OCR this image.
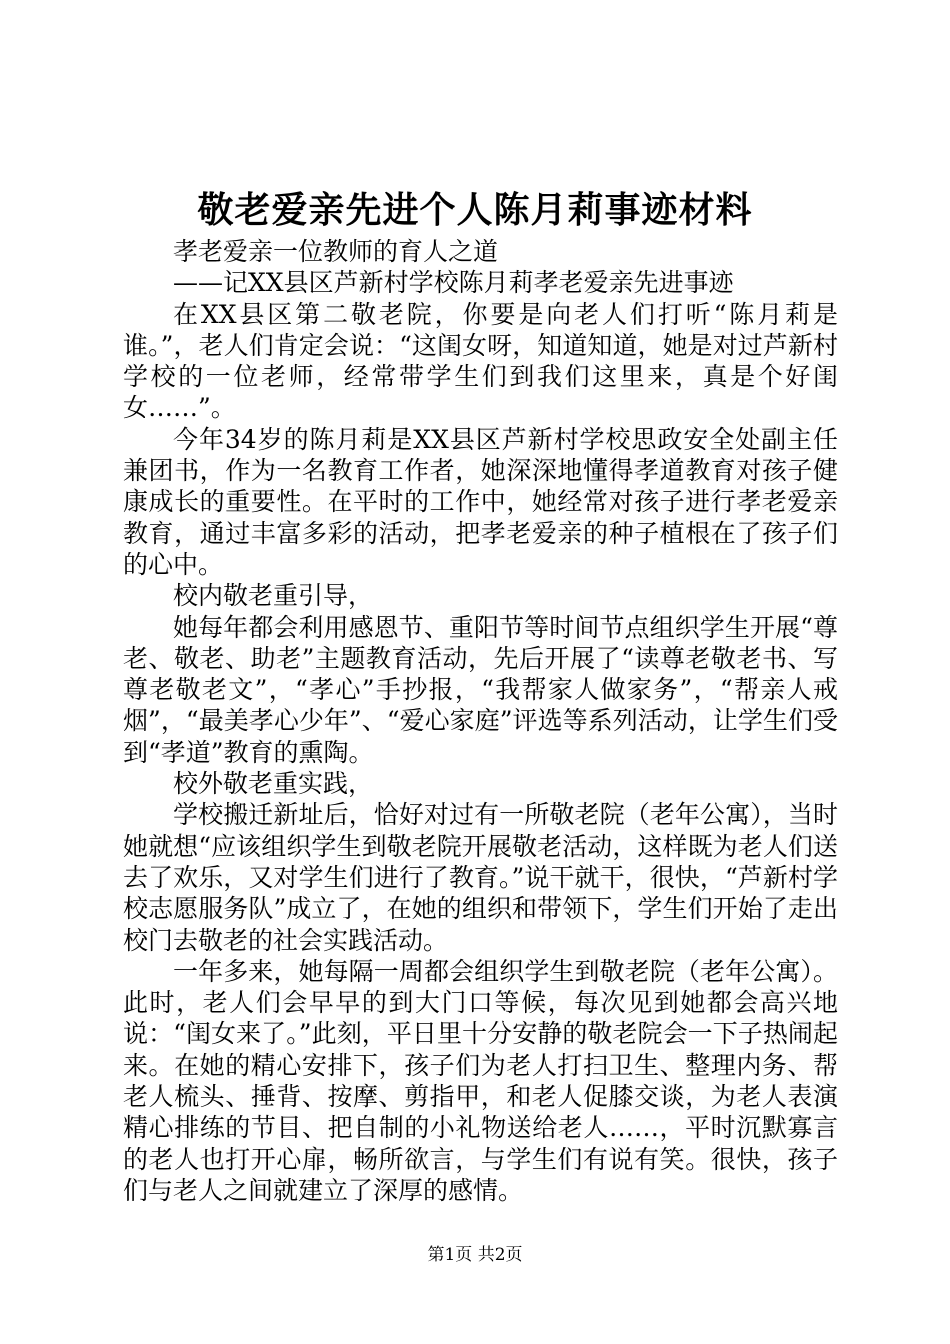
敬老爱亲先进个人陈月莉事迹材料

孝老爱亲一位教师的育人之道

——记XX县区芦新村学校陈月莉孝老爱亲先进事迹

在XX县区第二敬老院，你要是向老人们打听“陈月莉是谁。”，老人们肯定会说：“这闺女呀，知道知道，她是对过芦新村学校的一位老师，经常带学生们到我们这里来，真是个好闺女……”。

今年34岁的陈月莉是XX县区芦新村学校思政安全处副主任兼团书，作为一名教育工作者，她深深地懂得孝道教育对孩子健康成长的重要性。在平时的工作中，她经常对孩子进行孝老爱亲教育，通过丰富多彩的活动，把孝老爱亲的种子植根在了孩子们的心中。

校内敬老重引导，

她每年都会利用感恩节、重阳节等时间节点组织学生开展“尊老、敬老、助老”主题教育活动，先后开展了“读尊老敬老书、写尊老敬老文”，“孝心”手抄报，“我帮家人做家务”，“帮亲人戒烟”，“最美孝心少年”、“爱心家庭”评选等系列活动，让学生们受到“孝道”教育的熏陶。

校外敬老重实践，

学校搬迁新址后，恰好对过有一所敬老院（老年公寓），当时她就想“应该组织学生到敬老院开展敬老活动，这样既为老人们送去了欢乐，又对学生们进行了教育。”说干就干，很快，“芦新村学校志愿服务队”成立了，在她的组织和带领下，学生们开始了走出校门去敬老的社会实践活动。

一年多来，她每隔一周都会组织学生到敬老院（老年公寓）。此时，老人们会早早的到大门口等候，每次见到她都会高兴地说：“闺女来了。”此刻，平日里十分安静的敬老院会一下子热闹起来。在她的精心安排下，孩子们为老人打扫卫生、整理内务、帮老人梳头、捶背、按摩、剪指甲，和老人促膝交谈，为老人表演精心排练的节目、把自制的小礼物送给老人……，平时沉默寡言的老人也打开心扉，畅所欲言，与学生们有说有笑。很快，孩子们与老人之间就建立了深厚的感情。

第1页 共2页
